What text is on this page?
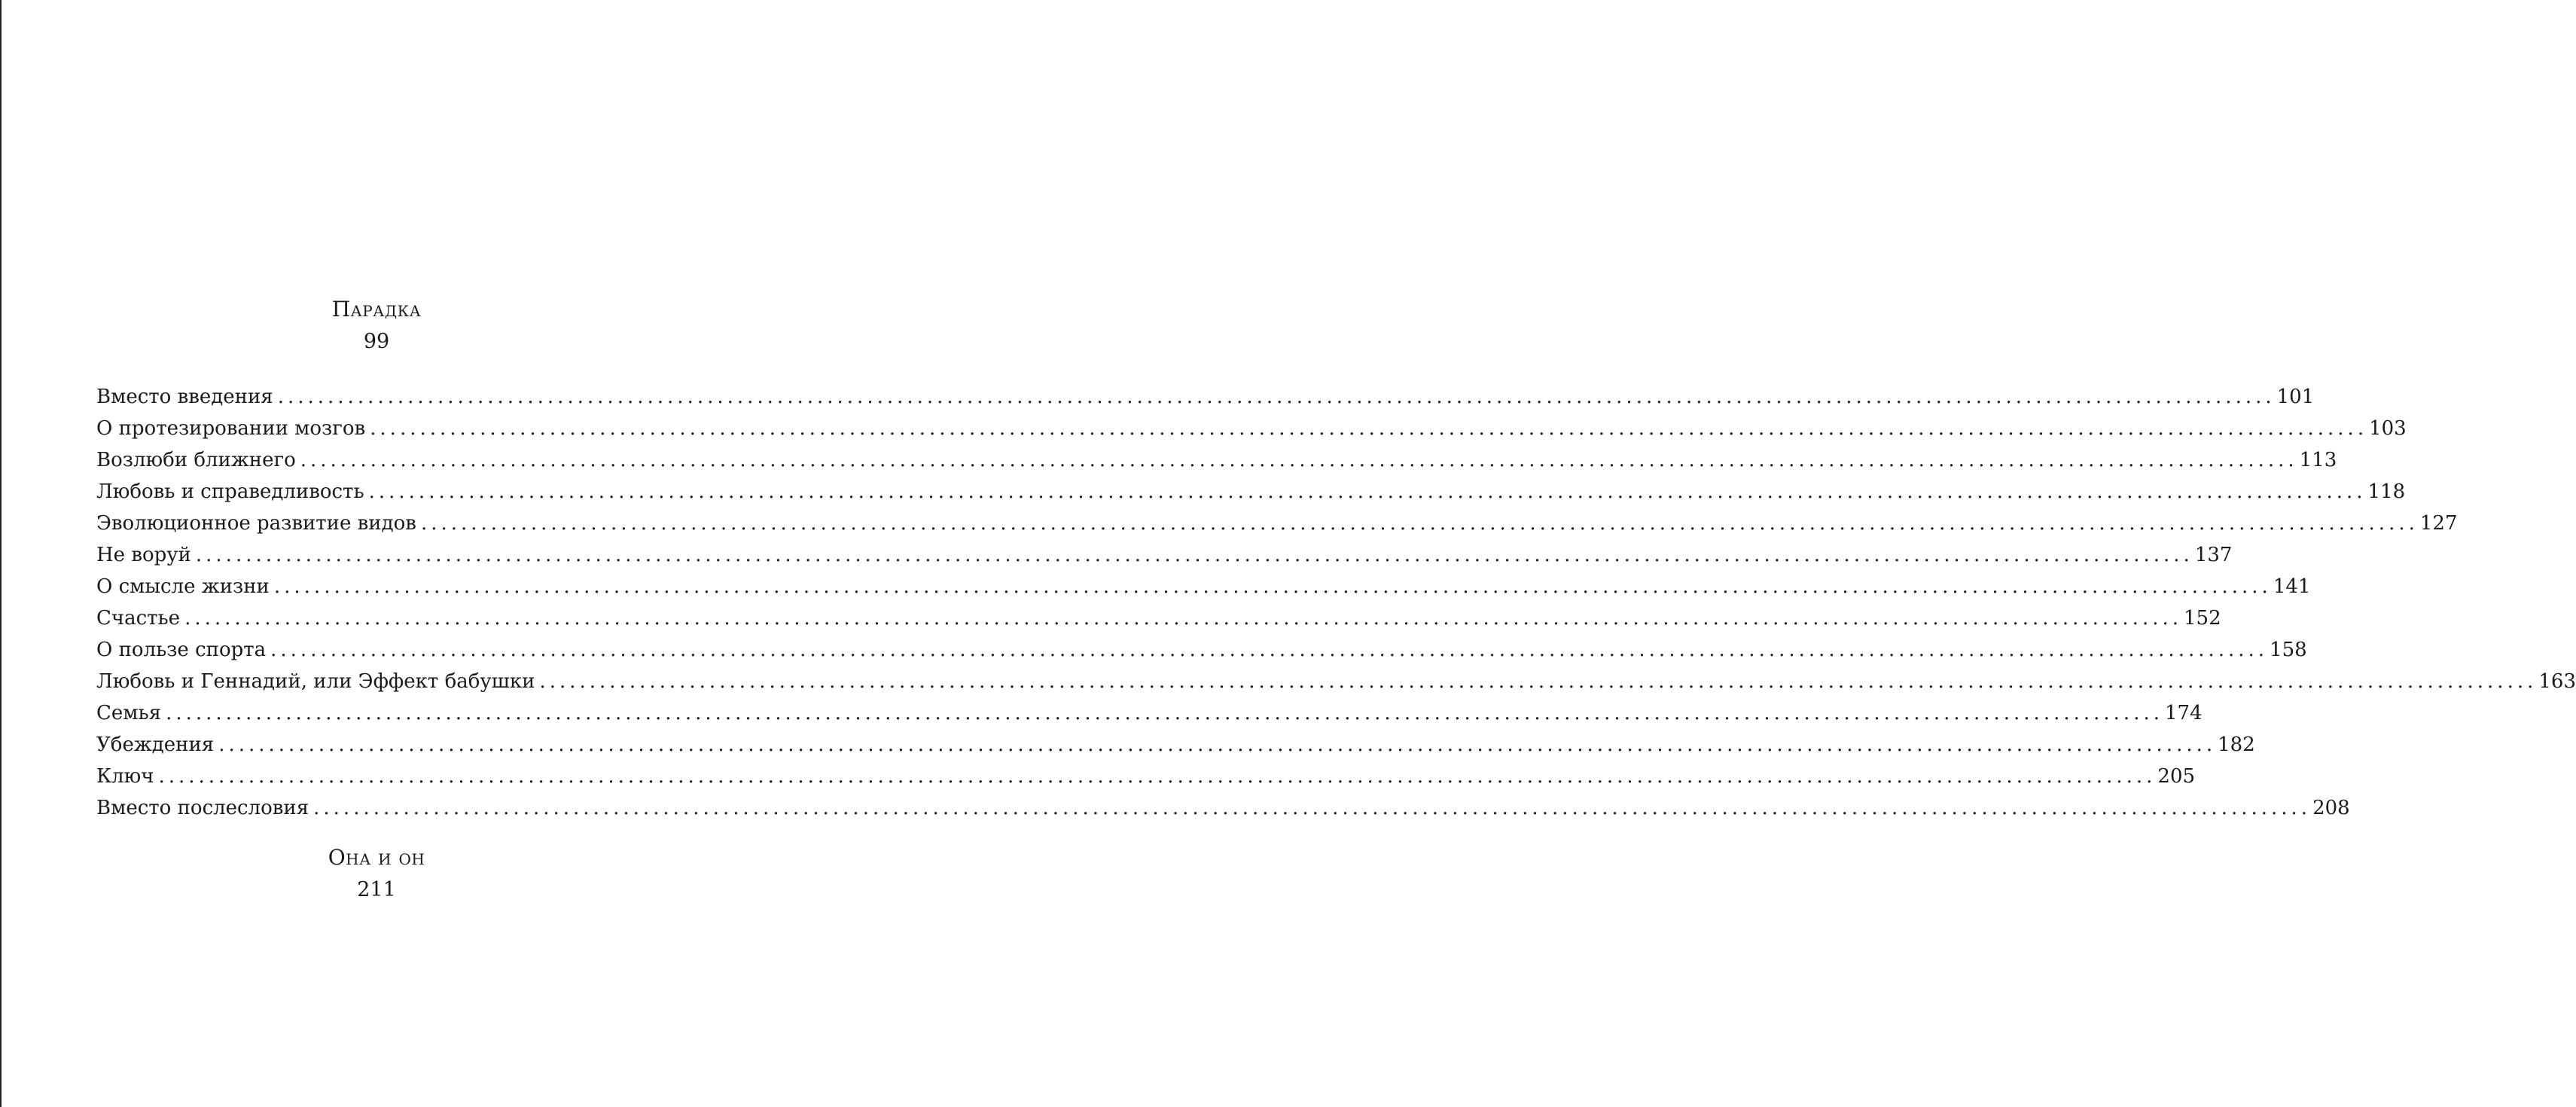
Парадка
99
Вместо введения ........................................................................................................................................................................................................ 101
О протезировании мозгов ........................................................................................................................................................................................................ 103
Возлюби ближнего ........................................................................................................................................................................................................ 113
Любовь и справедливость ........................................................................................................................................................................................................ 118
Эволюционное развитие видов ........................................................................................................................................................................................................ 127
Не воруй ........................................................................................................................................................................................................ 137
О смысле жизни ........................................................................................................................................................................................................ 141
Счастье ........................................................................................................................................................................................................ 152
О пользе спорта ........................................................................................................................................................................................................ 158
Любовь и Геннадий, или Эффект бабушки ........................................................................................................................................................................................................ 163
Семья ........................................................................................................................................................................................................ 174
Убеждения ........................................................................................................................................................................................................ 182
Ключ ........................................................................................................................................................................................................ 205
Вместо послесловия ........................................................................................................................................................................................................ 208
Она и он
211
